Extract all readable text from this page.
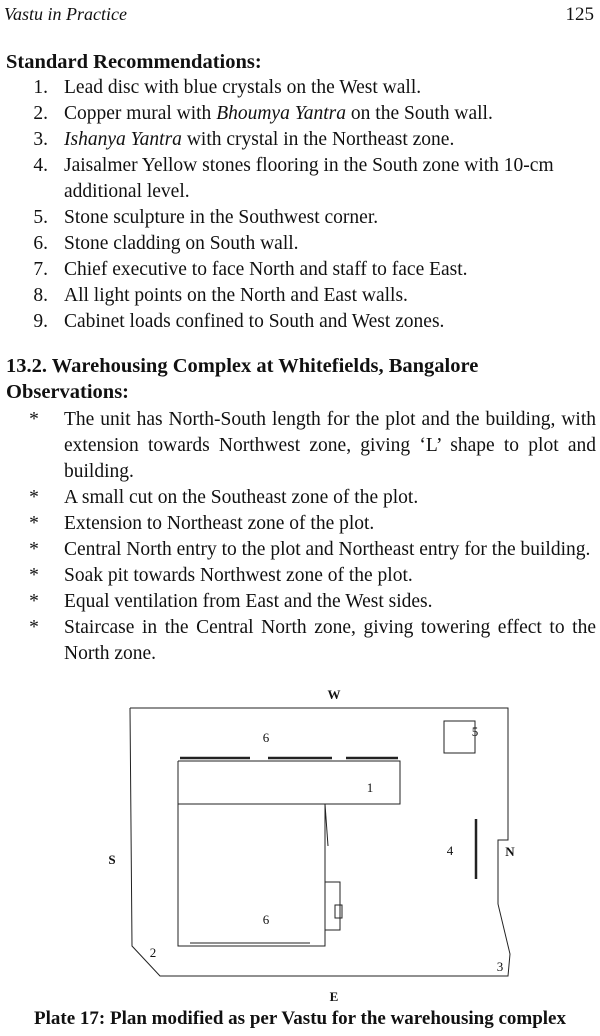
Vastu in Practice	125
Standard Recommendations:
1. Lead disc with blue crystals on the West wall.
2. Copper mural with Bhoumya Yantra on the South wall.
3. Ishanya Yantra with crystal in the Northeast zone.
4. Jaisalmer Yellow stones flooring in the South zone with 10-cm additional level.
5. Stone sculpture in the Southwest corner.
6. Stone cladding on South wall.
7. Chief executive to face North and staff to face East.
8. All light points on the North and East walls.
9. Cabinet loads confined to South and West zones.
13.2. Warehousing Complex at Whitefields, Bangalore
Observations:
* The unit has North-South length for the plot and the building, with extension towards Northwest zone, giving ‘L’ shape to plot and building.
* A small cut on the Southeast zone of the plot.
* Extension to Northeast zone of the plot.
* Central North entry to the plot and Northeast entry for the building.
* Soak pit towards Northwest zone of the plot.
* Equal ventilation from East and the West sides.
* Staircase in the Central North zone, giving towering effect to the North zone.
W
S
N
E
6
1
5
4
6
2
3
Plate 17: Plan modified as per Vastu for the warehousing complex
